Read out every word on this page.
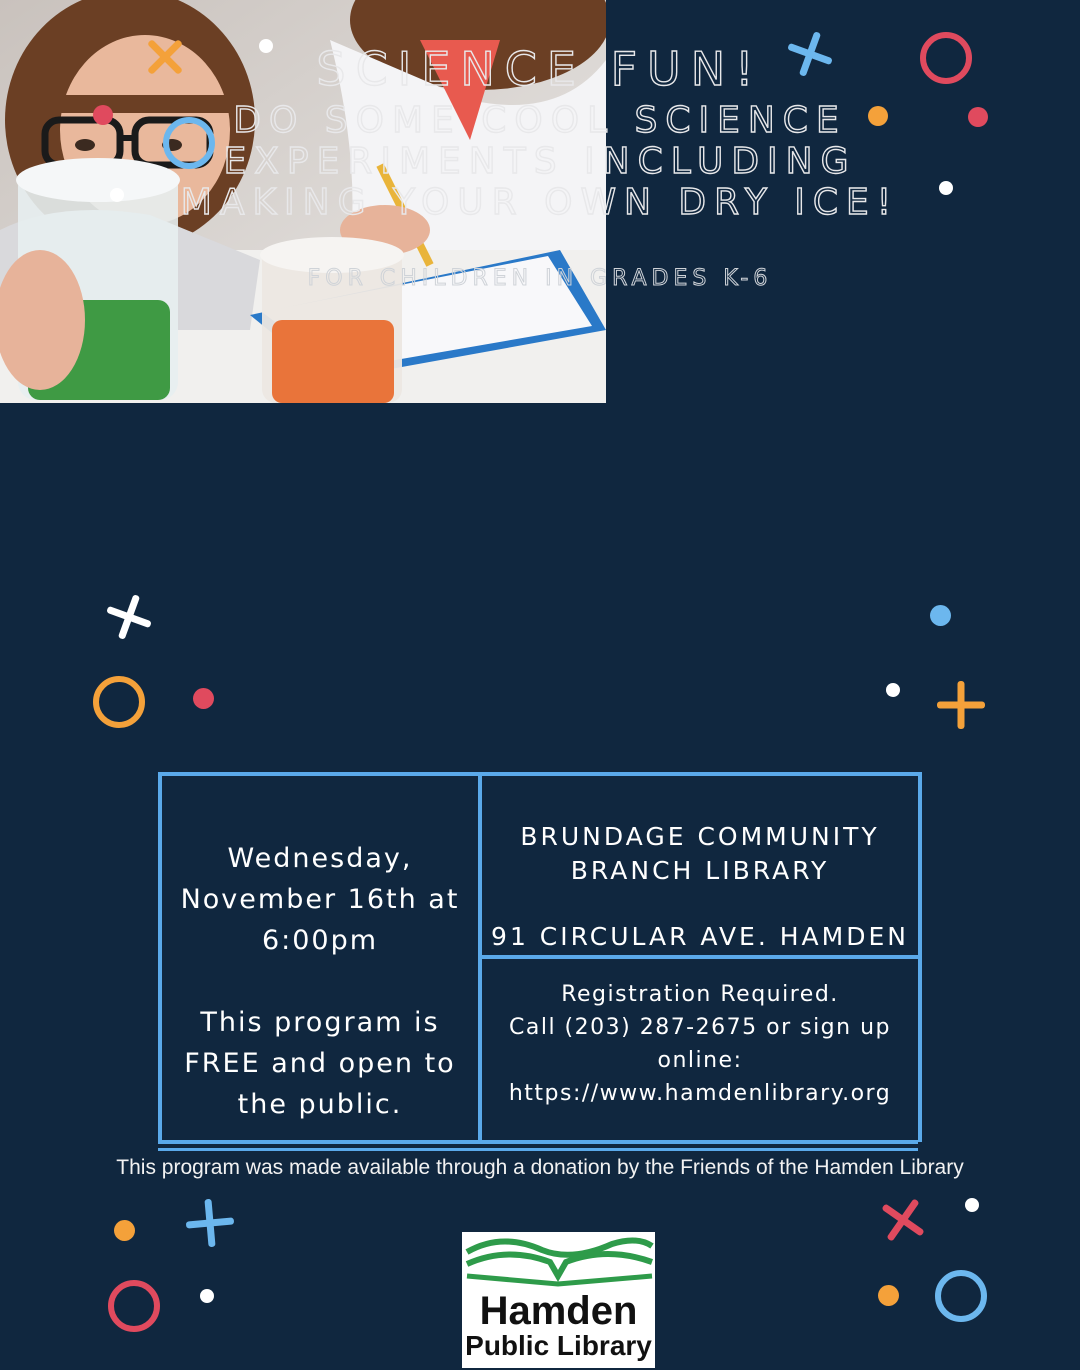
SCIENCE FUN!
DO SOME COOL SCIENCE
EXPERIMENTS INCLUDING
MAKING YOUR OWN DRY ICE!
FOR CHILDREN IN GRADES K-6
Wednesday,
November 16th at
6:00pm
This program is
FREE and open to
the public.
BRUNDAGE COMMUNITY
BRANCH LIBRARY
91 CIRCULAR AVE. HAMDEN
Registration Required.
Call (203) 287-2675 or sign up
online:
https://www.hamdenlibrary.org
This program was made available through a donation by the Friends of the Hamden Library
Hamden
Public Library
